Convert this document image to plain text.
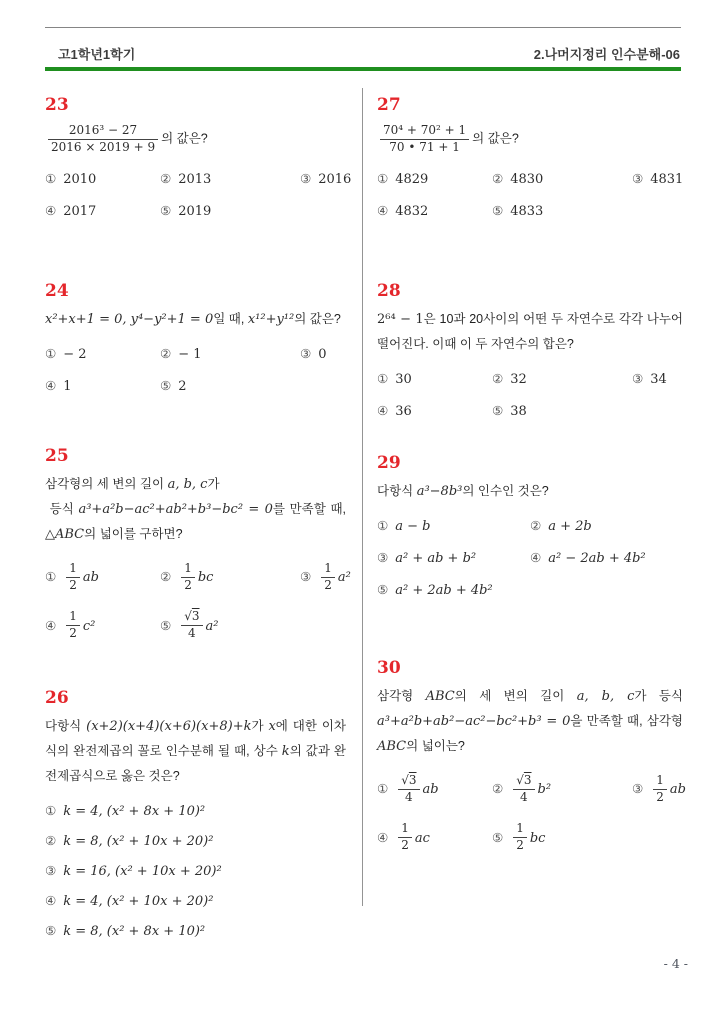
고1학년1학기	2.나머지정리 인수분해-06
23
$\frac{\text{2016³ − 27}}{2016 \times 2019 + 9}$ 의 값은?
① 2010	② 2013	③ 2016
④ 2017	⑤ 2019
24
x²+x+1 = 0, y⁴−y²+1 = 0일 때, x¹²+y¹²의 값은?
① − 2	② − 1	③ 0
④ 1	⑤ 2
25
삼각형의 세 변의 길이 a, b, c가
등식 a³+a²b−ac²+ab²+b³−bc² = 0를 만족할 때, △ABC의 넓이를 구하면?
① $\frac{1}{2}$ ab	② $\frac{1}{2}$ bc	③ $\frac{1}{2} a^2$
④ $\frac{1}{2} c^2$	⑤ $\frac{√3}{4} a^2$
26
다항식 (x+2)(x+4)(x+6)(x+8)+k가 x에 대한 이차식의 완전제곱의 꼴로 인수분해 될 때, 상수 k의 값과 완전제곱식으로 옳은 것은?
① k = 4, (x² + 8x + 10)²
② k = 8, (x² + 10x + 20)²
③ k = 16, (x² + 10x + 20)²
④ k = 4, (x² + 10x + 20)²
⑤ k = 8, (x² + 8x + 10)²
27
$\frac{\text{70⁴ + 70² + 1}}{70 • 71 + 1}$ 의 값은?
① 4829	② 4830	③ 4831
④ 4832	⑤ 4833
28
2⁶⁴ − 1은 10과 20사이의 어떤 두 자연수로 각각 나누어 떨어진다. 이때 이 두 자연수의 합은?
① 30	② 32	③ 34
④ 36	⑤ 38
29
다항식 a³−8b³의 인수인 것은?
① a − b	② a + 2b
③ a² + ab + b²	④ a² − 2ab + 4b²
⑤ a² + 2ab + 4b²
30
삼각형 ABC의 세 변의 길이 a, b, c가 등식 a³+a²b+ab²−ac²−bc²+b³ = 0을 만족할 때, 삼각형 ABC의 넓이는?
① $\frac{√3}{4}$ ab	② $\frac{√3}{4} b^2$	③ $\frac{1}{2}$ ab
④ $\frac{1}{2}$ ac	⑤ $\frac{1}{2}$ bc
- 4 -
